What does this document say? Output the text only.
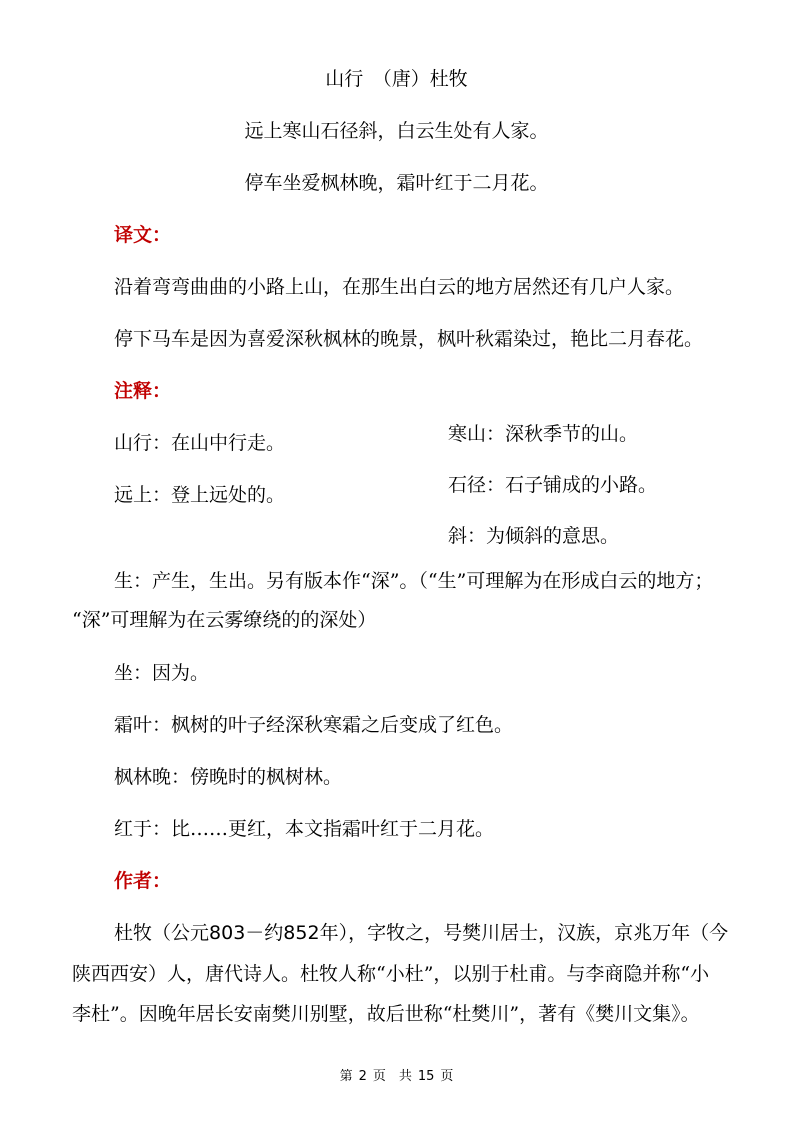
山行　（唐）杜牧
远上寒山石径斜，白云生处有人家。
停车坐爱枫林晚，霜叶红于二月花。
译文：
沿着弯弯曲曲的小路上山，在那生出白云的地方居然还有几户人家。
停下马车是因为喜爱深秋枫林的晚景，枫叶秋霜染过，艳比二月春花。
注释：
山行：在山中行走。	寒山：深秋季节的山。
石径：石子铺成的小路。
远上：登上远处的。
斜：为倾斜的意思。
生：产生，生出。另有版本作“深”。（“生”可理解为在形成白云的地方；
“深”可理解为在云雾缭绕的的深处）
坐：因为。
霜叶：枫树的叶子经深秋寒霜之后变成了红色。
枫林晚：傍晚时的枫树林。
红于：比……更红，本文指霜叶红于二月花。
作者：
杜牧（公元803－约852年），字牧之，号樊川居士，汉族，京兆万年（今
陕西西安）人，唐代诗人。杜牧人称“小杜”，以别于杜甫。与李商隐并称“小
李杜”。因晚年居长安南樊川别墅，故后世称“杜樊川”，著有《樊川文集》。
第 2 页　共 15 页
